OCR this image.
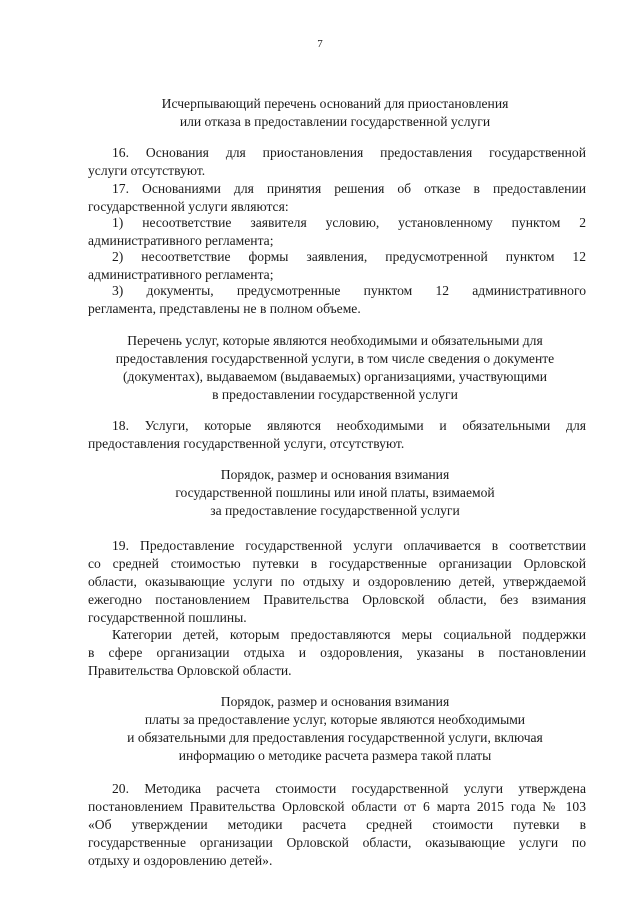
7
Исчерпывающий перечень оснований для приостановления
или отказа в предоставлении государственной услуги
16. Основания для приостановления предоставления государственной
услуги отсутствуют.
17. Основаниями для принятия решения об отказе в предоставлении
государственной услуги являются:
1) несоответствие заявителя условию, установленному пунктом 2
административного регламента;
2) несоответствие формы заявления, предусмотренной пунктом 12
административного регламента;
3) документы, предусмотренные пунктом 12 административного
регламента, представлены не в полном объеме.
Перечень услуг, которые являются необходимыми и обязательными для
предоставления государственной услуги, в том числе сведения о документе
(документах), выдаваемом (выдаваемых) организациями, участвующими
в предоставлении государственной услуги
18. Услуги, которые являются необходимыми и обязательными для
предоставления государственной услуги, отсутствуют.
Порядок, размер и основания взимания
государственной пошлины или иной платы, взимаемой
за предоставление государственной услуги
19. Предоставление государственной услуги оплачивается в соответствии
со средней стоимостью путевки в государственные организации Орловской
области, оказывающие услуги по отдыху и оздоровлению детей, утверждаемой
ежегодно постановлением Правительства Орловской области, без взимания
государственной пошлины.
Категории детей, которым предоставляются меры социальной поддержки
в сфере организации отдыха и оздоровления, указаны в постановлении
Правительства Орловской области.
Порядок, размер и основания взимания
платы за предоставление услуг, которые являются необходимыми
и обязательными для предоставления государственной услуги, включая
информацию о методике расчета размера такой платы
20. Методика расчета стоимости государственной услуги утверждена
постановлением Правительства Орловской области от 6 марта 2015 года № 103
«Об утверждении методики расчета средней стоимости путевки в
государственные организации Орловской области, оказывающие услуги по
отдыху и оздоровлению детей».
